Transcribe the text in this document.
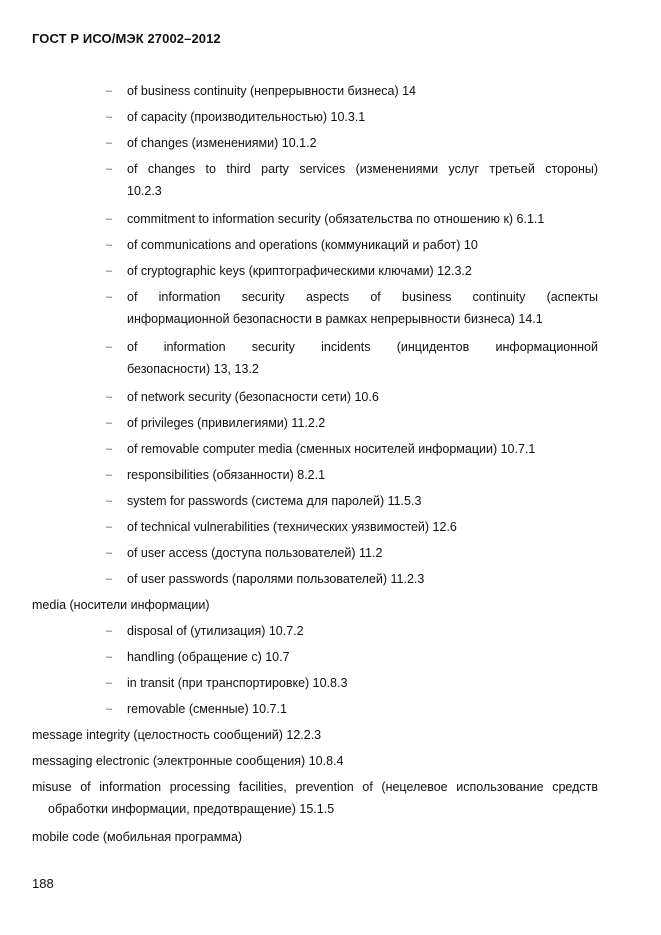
ГОСТ Р ИСО/МЭК 27002–2012
– of business continuity (непрерывности бизнеса) 14
– of capacity (производительностью) 10.3.1
– of changes (изменениями) 10.1.2
– of changes to third party services (изменениями услуг третьей стороны)
10.2.3
– commitment to information security (обязательства по отношению к) 6.1.1
– of communications and operations (коммуникаций и работ) 10
– of cryptographic keys (криптографическими ключами) 12.3.2
– of information security aspects of business continuity (аспекты
информационной безопасности в рамках непрерывности бизнеса) 14.1
– of information security incidents (инцидентов информационной
безопасности) 13, 13.2
– of network security (безопасности сети) 10.6
– of privileges (привилегиями) 11.2.2
– of removable computer media (сменных носителей информации) 10.7.1
– responsibilities (обязанности) 8.2.1
– system for passwords (система для паролей) 11.5.3
– of technical vulnerabilities (технических уязвимостей) 12.6
– of user access (доступа пользователей) 11.2
– of user passwords (паролями пользователей) 11.2.3
media (носители информации)
– disposal of (утилизация) 10.7.2
– handling (обращение с) 10.7
– in transit (при транспортировке) 10.8.3
– removable (сменные) 10.7.1
message integrity (целостность сообщений) 12.2.3
messaging electronic (электронные сообщения) 10.8.4
misuse of information processing facilities, prevention of (нецелевое использование средств
обработки информации, предотвращение) 15.1.5
mobile code (мобильная программа)
188
